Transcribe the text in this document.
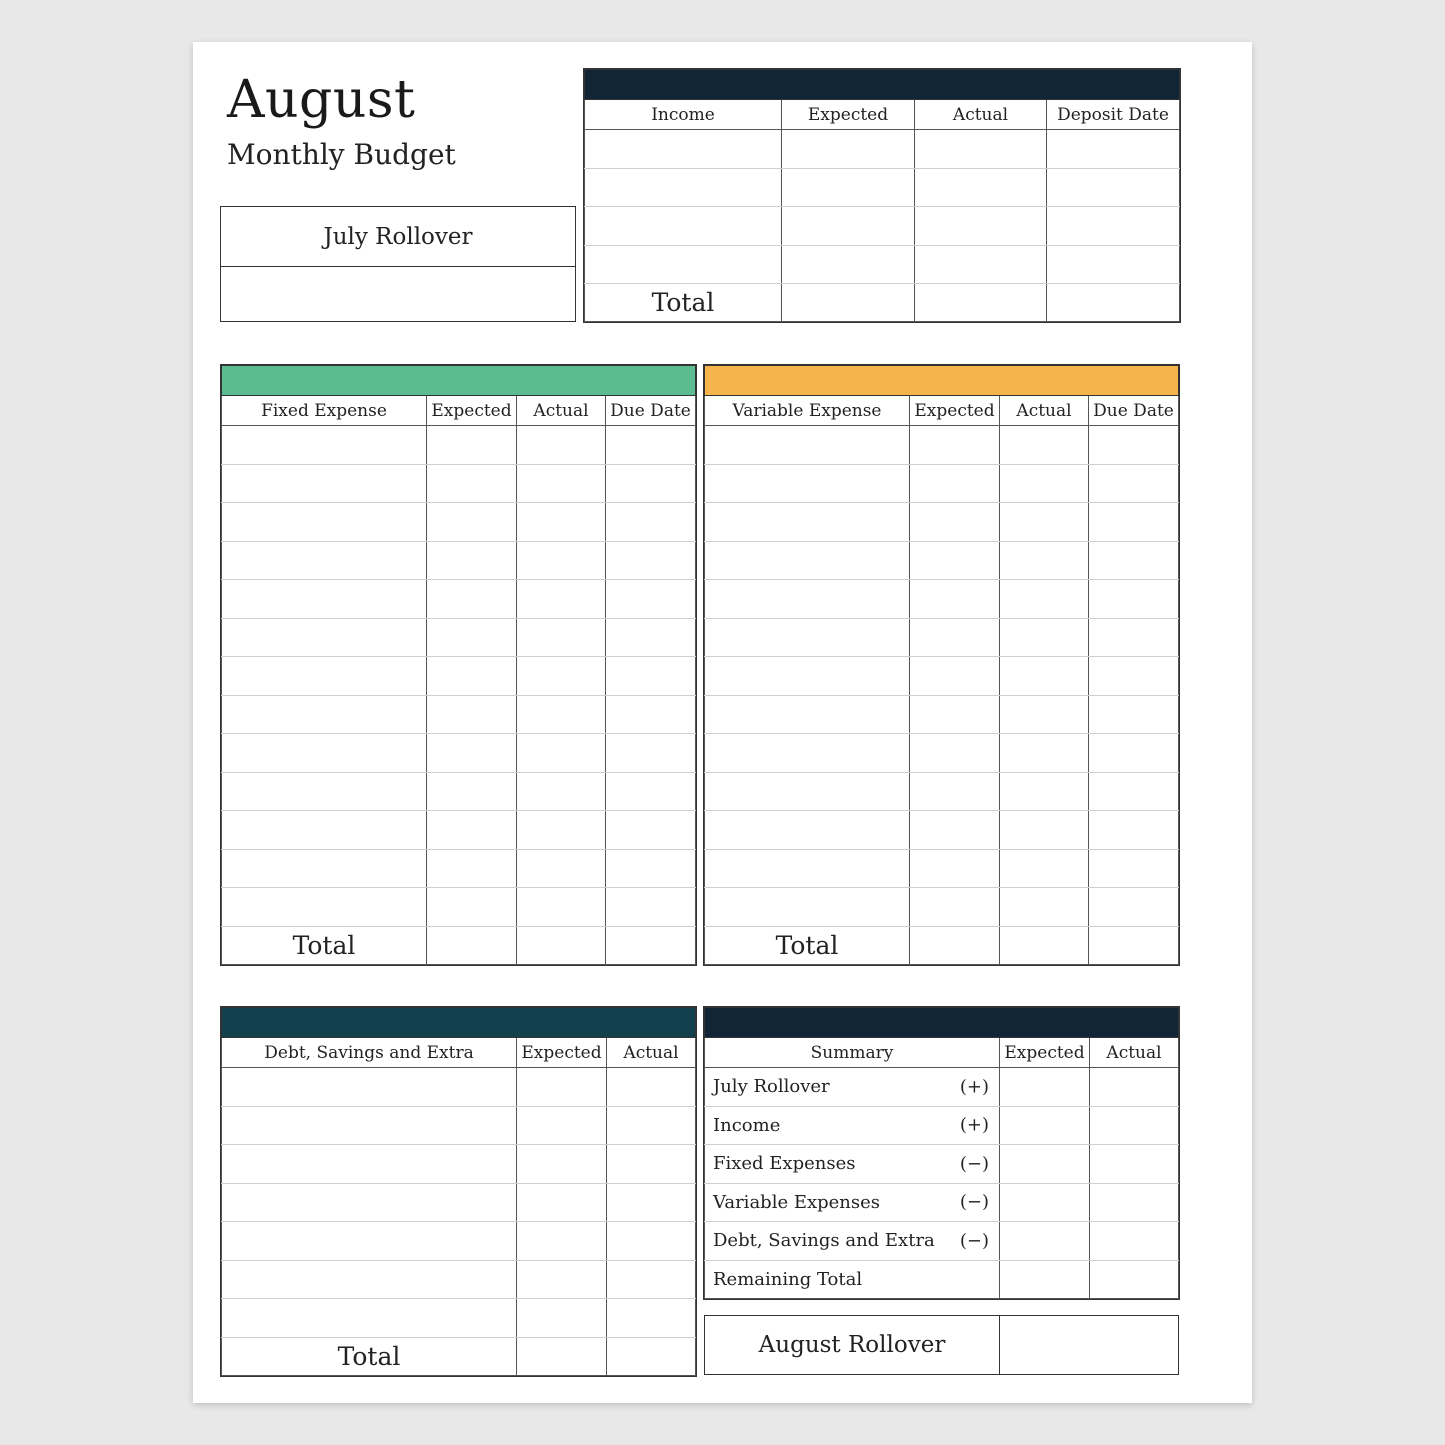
August
Monthly Budget
July Rollover

Income	Expected	Actual	Deposit Date

Total			

Fixed Expense	Expected	Actual	Due Date

Total			

Variable Expense	Expected	Actual	Due Date

Total			

Debt, Savings and Extra	Expected	Actual

Total		

Summary	Expected	Actual
July Rollover (+)		

Income (+)		

Fixed Expenses (−)		

Variable Expenses (−)		

Debt, Savings and Extra (−)		

Remaining Total		
August Rollover
